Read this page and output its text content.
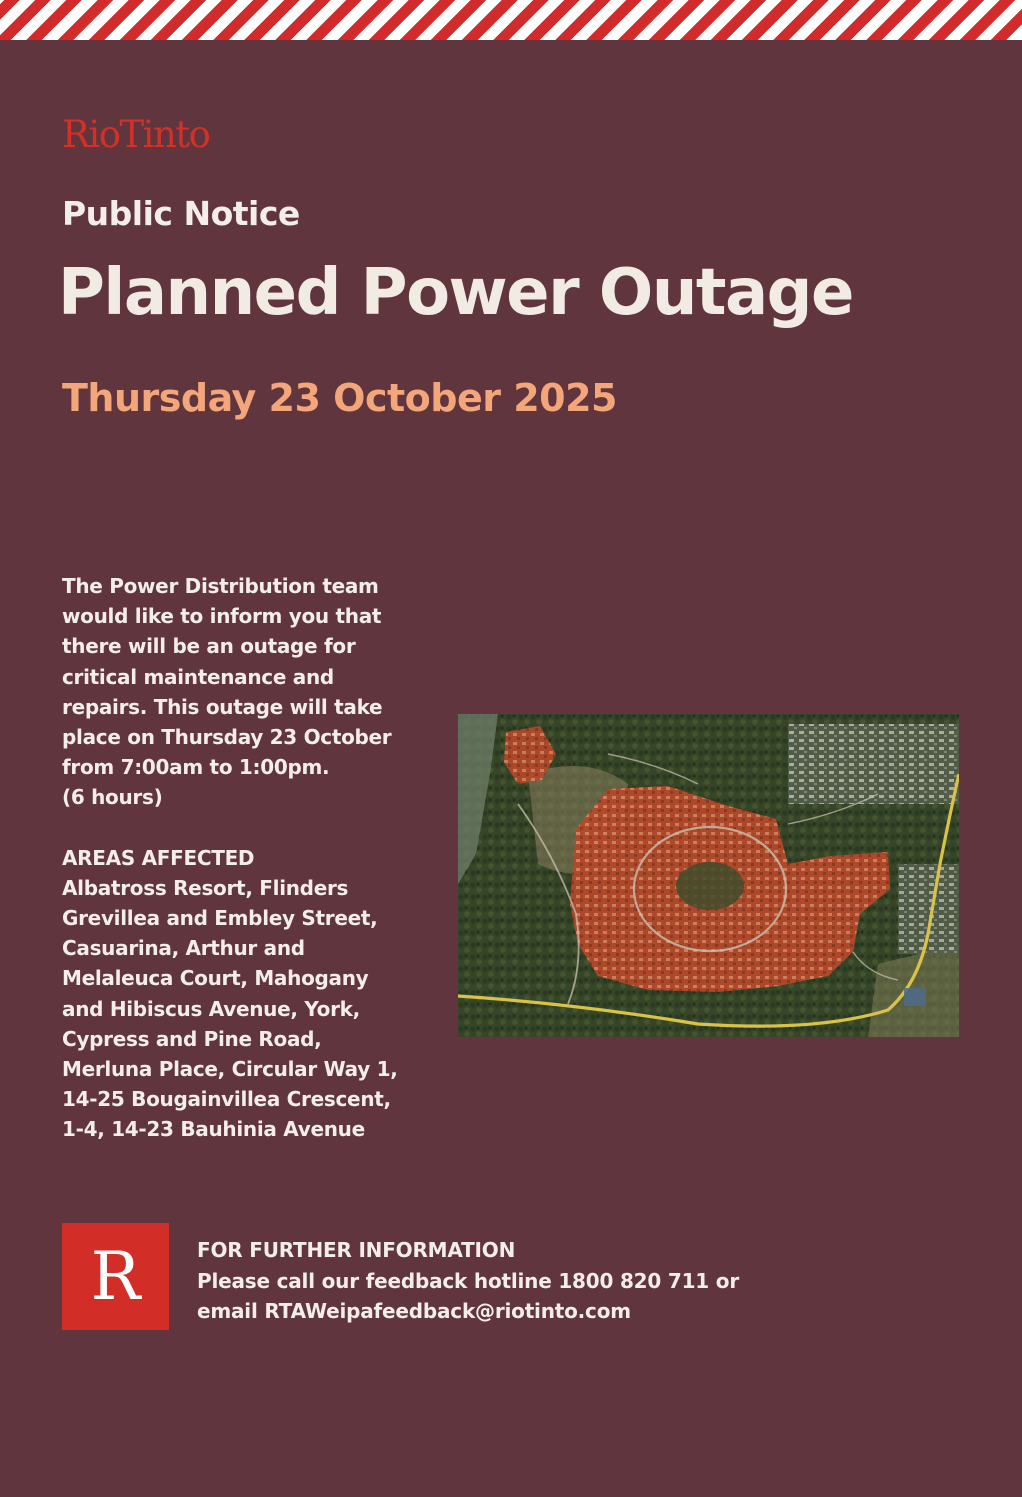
RioTinto
Public Notice
Planned Power Outage
Thursday 23 October 2025

The Power Distribution team would like to inform you that there will be an outage for critical maintenance and repairs. This outage will take place on Thursday 23 October from 7:00am to 1:00pm.

(6 hours)

AREAS AFFECTED

Albatross Resort, Flinders Grevillea and Embley Street, Casuarina, Arthur and Melaleuca Court, Mahogany and Hibiscus Avenue, York, Cypress and Pine Road, Merluna Place, Circular Way 1, 14-25 Bougainvillea Crescent, 1-4, 14-23 Bauhinia Avenue

R	FOR FURTHER INFORMATION
Please call our feedback hotline 1800 820 711 or
email RTAWeipafeedback@riotinto.com
